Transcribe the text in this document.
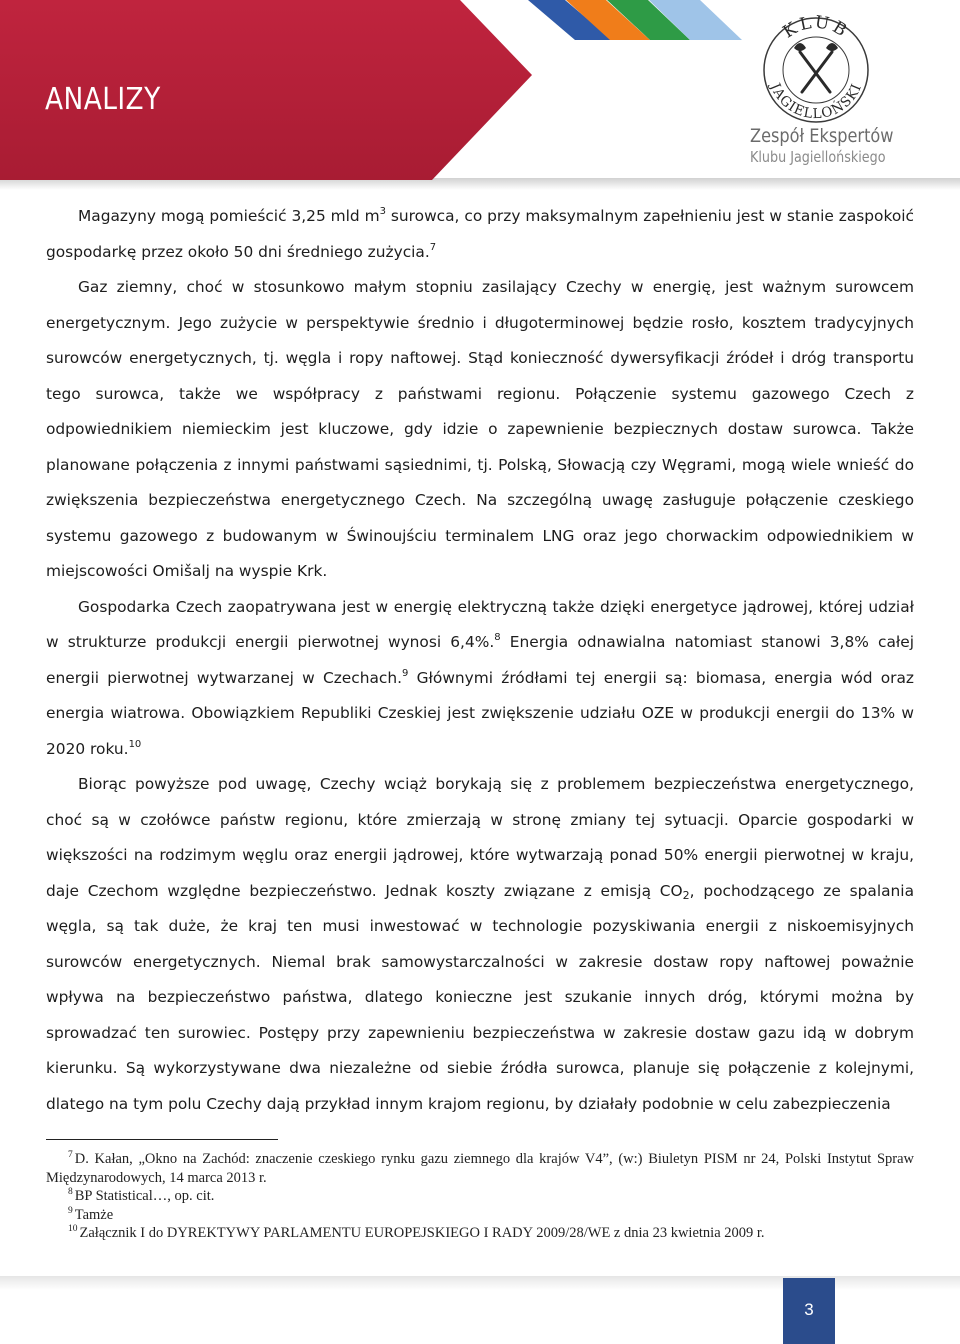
KLUB
JAGIELLOŃSKI
ANALIZY
Zespół Ekspertów
Klubu Jagiellońskiego

Magazyny mogą pomieścić 3,25 mld $m^3$ surowca, co przy maksymalnym zapełnieniu jest w stanie zaspokoić gospodarkę przez około 50 dni średniego zużycia.$^7$

Gaz ziemny, choć w stosunkowo małym stopniu zasilający Czechy w energię, jest ważnym surowcem energetycznym. Jego zużycie w perspektywie średnio i długoterminowej będzie rosło, kosztem tradycyjnych surowców energetycznych, tj. węgla i ropy naftowej. Stąd konieczność dywersyfikacji źródeł i dróg transportu tego surowca, także we współpracy z państwami regionu. Połączenie systemu gazowego Czech z odpowiednikiem niemieckim jest kluczowe, gdy idzie o zapewnienie bezpiecznych dostaw surowca. Także planowane połączenia z innymi państwami sąsiednimi, tj. Polską, Słowacją czy Węgrami, mogą wiele wnieść do zwiększenia bezpieczeństwa energetycznego Czech. Na szczególną uwagę zasługuje połączenie czeskiego systemu gazowego z budowanym w Świnoujściu terminalem LNG oraz jego chorwackim odpowiednikiem w miejscowości Omišalj na wyspie Krk.

Gospodarka Czech zaopatrywana jest w energię elektryczną także dzięki energetyce jądrowej, której udział w strukturze produkcji energii pierwotnej wynosi 6,4%.$^8$ Energia odnawialna natomiast stanowi 3,8% całej energii pierwotnej wytwarzanej w Czechach.$^9$ Głównymi źródłami tej energii są: biomasa, energia wód oraz energia wiatrowa. Obowiązkiem Republiki Czeskiej jest zwiększenie udziału OZE w produkcji energii do 13% w 2020 roku.$^{10}$

Biorąc powyższe pod uwagę, Czechy wciąż borykają się z problemem bezpieczeństwa energetycznego, choć są w czołówce państw regionu, które zmierzają w stronę zmiany tej sytuacji. Oparcie gospodarki w większości na rodzimym węglu oraz energii jądrowej, które wytwarzają ponad 50% energii pierwotnej w kraju, daje Czechom względne bezpieczeństwo. Jednak koszty związane z emisją $CO_2$, pochodzącego ze spalania węgla, są tak duże, że kraj ten musi inwestować w technologie pozyskiwania energii z niskoemisyjnych surowców energetycznych. Niemal brak samowystarczalności w zakresie dostaw ropy naftowej poważnie wpływa na bezpieczeństwo państwa, dlatego konieczne jest szukanie innych dróg, którymi można by sprowadzać ten surowiec. Postępy przy zapewnieniu bezpieczeństwa w zakresie dostaw gazu idą w dobrym kierunku. Są wykorzystywane dwa niezależne od siebie źródła surowca, planuje się połączenie z kolejnymi, dlatego na tym polu Czechy dają przykład innym krajom regionu, by działały podobnie w celu zabezpieczenia

$^7$ D. Kałan, „Okno na Zachód: znaczenie czeskiego rynku gazu ziemnego dla krajów V4”, (w:) Biuletyn PISM nr 24, Polski Instytut Spraw Międzynarodowych, 14 marca 2013 r.

$^8$ BP Statistical…, op. cit.

$^9$ Tamże

$^{10}$ Załącznik I do DYREKTYWY PARLAMENTU EUROPEJSKIEGO I RADY 2009/28/WE z dnia 23 kwietnia 2009 r.

3
